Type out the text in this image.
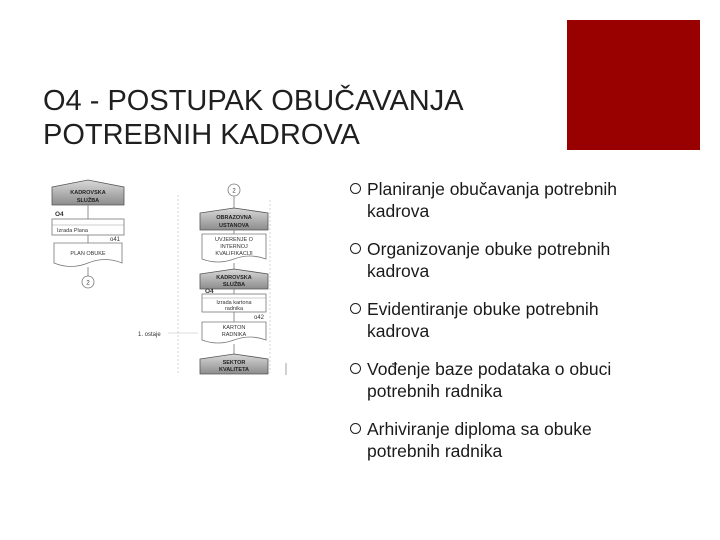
O4 - POSTUPAK OBUČAVANJA
POTREBNIH KADROVA
KADROVSKA
SLUŽBA
O4
Izrada Plana
o41
PLAN OBUKE
2
1. ostaje
2
OBRAZOVNA
USTANOVA
UVJERENJE O
INTERNOJ
KVALIFIKACIJI
KADROVSKA
SLUŽBA
O4
Izrada kartona
radnika
o42
KARTON
RADNIKA
SEKTOR
KVALITETA
Planiranje obučavanja potrebnih
kadrova
Organizovanje obuke potrebnih
kadrova
Evidentiranje obuke potrebnih
kadrova
Vođenje baze podataka o obuci
potrebnih radnika
Arhiviranje diploma sa obuke
potrebnih radnika
